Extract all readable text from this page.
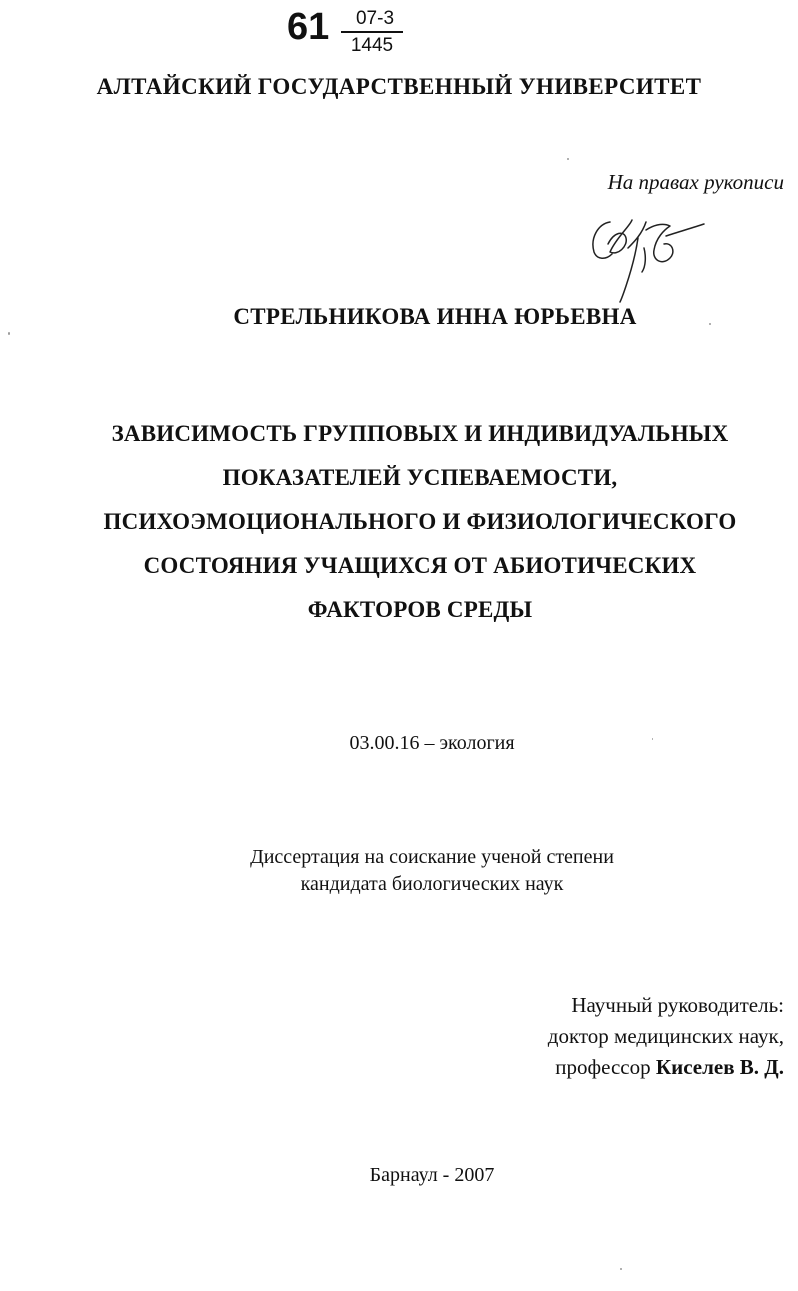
61	07-3
1445
АЛТАЙСКИЙ ГОСУДАРСТВЕННЫЙ УНИВЕРСИТЕТ
На правах рукописи
СТРЕЛЬНИКОВА ИННА ЮРЬЕВНА
ЗАВИСИМОСТЬ ГРУППОВЫХ И ИНДИВИДУАЛЬНЫХ
ПОКАЗАТЕЛЕЙ УСПЕВАЕМОСТИ,
ПСИХОЭМОЦИОНАЛЬНОГО И ФИЗИОЛОГИЧЕСКОГО
СОСТОЯНИЯ УЧАЩИХСЯ ОТ АБИОТИЧЕСКИХ
ФАКТОРОВ СРЕДЫ
03.00.16 – экология
Диссертация на соискание ученой степени
кандидата биологических наук
Научный руководитель:
доктор медицинских наук,
профессор Киселев В. Д.
Барнаул - 2007
